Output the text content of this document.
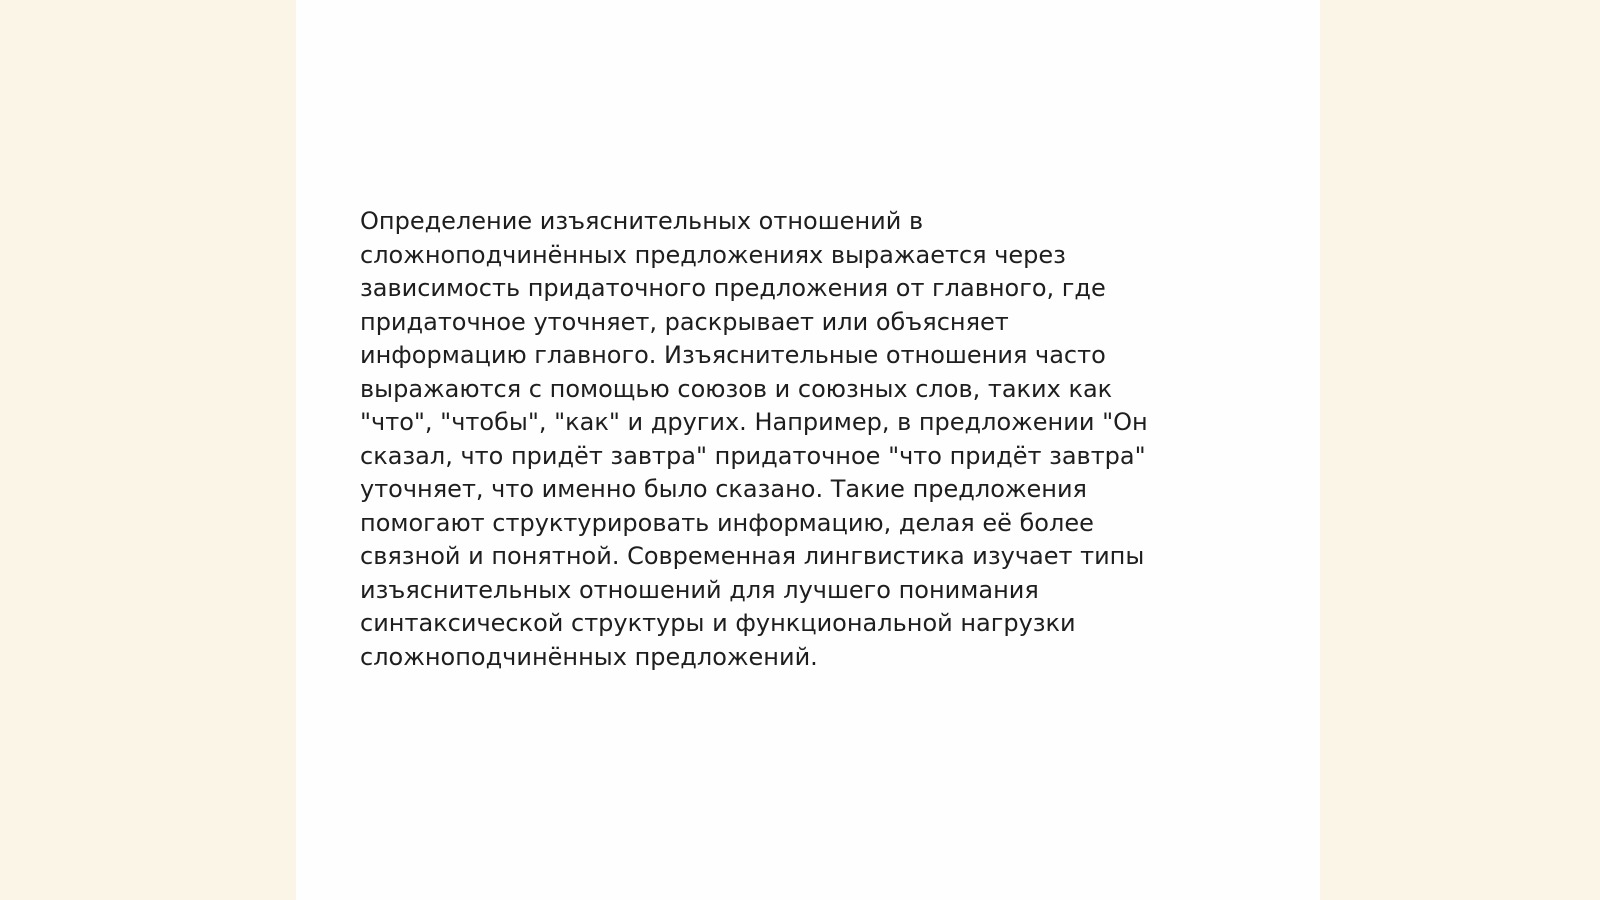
Определение изъяснительных отношений в
сложноподчинённых предложениях выражается через
зависимость придаточного предложения от главного, где
придаточное уточняет, раскрывает или объясняет
информацию главного. Изъяснительные отношения часто
выражаются с помощью союзов и союзных слов, таких как
"что", "чтобы", "как" и других. Например, в предложении "Он
сказал, что придёт завтра" придаточное "что придёт завтра"
уточняет, что именно было сказано. Такие предложения
помогают структурировать информацию, делая её более
связной и понятной. Современная лингвистика изучает типы
изъяснительных отношений для лучшего понимания
синтаксической структуры и функциональной нагрузки
сложноподчинённых предложений.
